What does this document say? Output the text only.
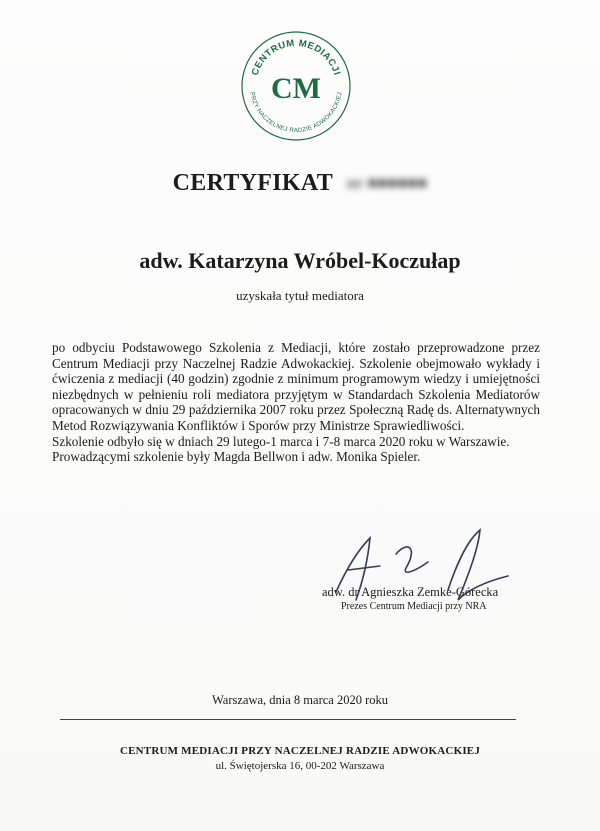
CENTRUM MEDIACJI
PRZY NACZELNEJ RADZIE ADWOKACKIEJ
CM
CERTYFIKAT nr ■■■■■■
adw. Katarzyna Wróbel-Koczułap
uzyskała tytuł mediatora

po odbyciu Podstawowego Szkolenia z Mediacji, które zostało przeprowadzone przez Centrum Mediacji przy Naczelnej Radzie Adwokackiej. Szkolenie obejmowało wykłady i ćwiczenia z mediacji (40 godzin) zgodnie z minimum programowym wiedzy i umiejętności niezbędnych w pełnieniu roli mediatora przyjętym w Standardach Szkolenia Mediatorów opracowanych w dniu 29 października 2007 roku przez Społeczną Radę ds. Alternatywnych Metod Rozwiązywania Konfliktów i Sporów przy Ministrze Sprawiedliwości.

Szkolenie odbyło się w dniach 29 lutego-1 marca i 7-8 marca 2020 roku w Warszawie.

Prowadzącymi szkolenie były Magda Bellwon i adw. Monika Spieler.

adw. dr Agnieszka Zemke-Górecka
Prezes Centrum Mediacji przy NRA
Warszawa, dnia 8 marca 2020 roku
CENTRUM MEDIACJI PRZY NACZELNEJ RADZIE ADWOKACKIEJ
ul. Świętojerska 16, 00-202 Warszawa
